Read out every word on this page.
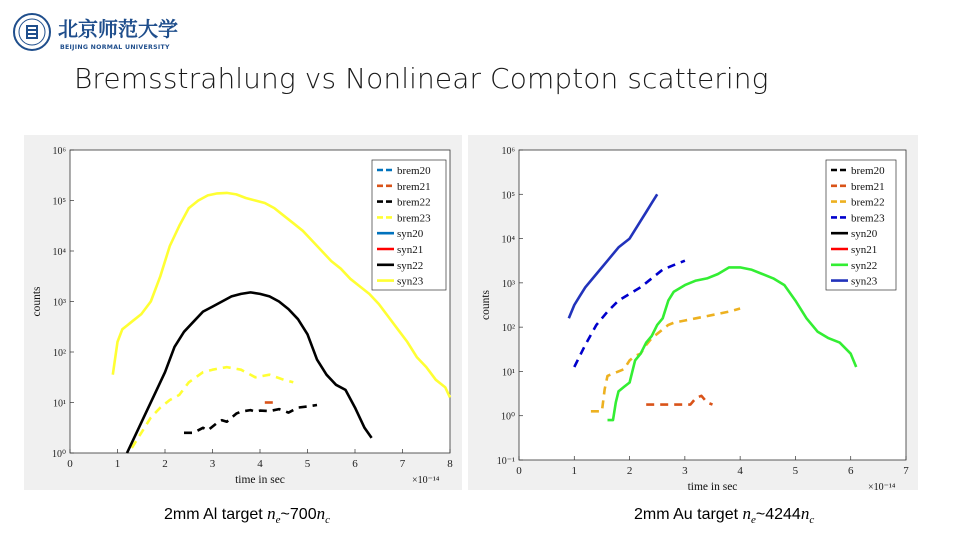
北京师范大学
BEIJING NORMAL UNIVERSITY
Bremsstrahlung vs Nonlinear Compton scattering
0	1	2	3	4	5	6	7	8
10⁰
10¹
10²
10³
10⁴
10⁵
10⁶
time in sec	×10⁻¹⁴
counts
brem20
brem21
brem22
brem23
syn20
syn21
syn22
syn23
0	1	2	3	4	5	6	7
10⁻¹
10⁰
10¹
10²
10³
10⁴
10⁵
10⁶
time in sec	×10⁻¹⁴
counts
brem20
brem21
brem22
brem23
syn20
syn21
syn22
syn23
2mm Al target $n_e\sim 700n_c$	2mm Au target $n_e\sim 4244n_c$
